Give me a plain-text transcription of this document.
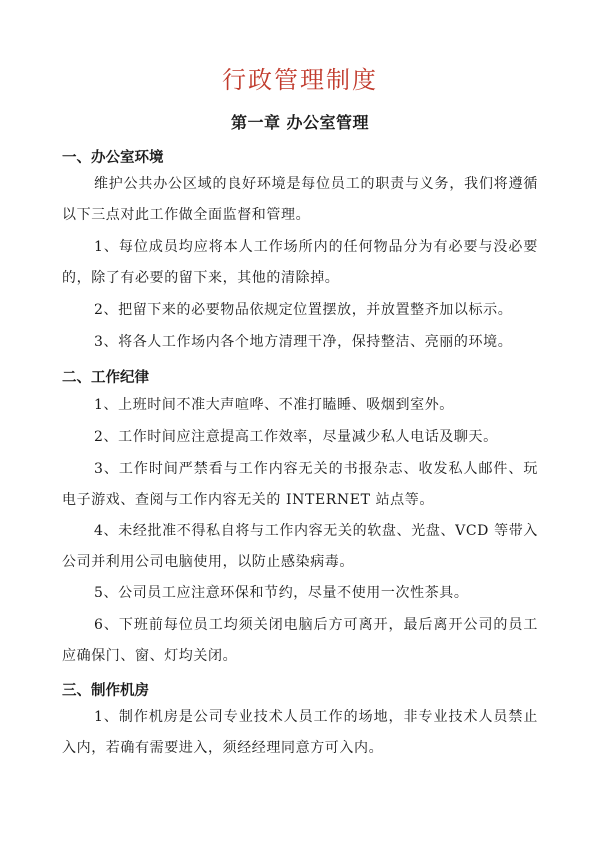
行政管理制度
第一章 办公室管理
一、办公室环境
维护公共办公区域的良好环境是每位员工的职责与义务，我们将遵循以下三点对此工作做全面监督和管理。
1、每位成员均应将本人工作场所内的任何物品分为有必要与没必要的，除了有必要的留下来，其他的清除掉。
2、把留下来的必要物品依规定位置摆放，并放置整齐加以标示。
3、将各人工作场内各个地方清理干净，保持整洁、亮丽的环境。
二、工作纪律
1、上班时间不准大声喧哗、不准打瞌睡、吸烟到室外。
2、工作时间应注意提高工作效率，尽量减少私人电话及聊天。
3、工作时间严禁看与工作内容无关的书报杂志、收发私人邮件、玩电子游戏、查阅与工作内容无关的 INTERNET 站点等。
4、未经批准不得私自将与工作内容无关的软盘、光盘、VCD 等带入公司并利用公司电脑使用，以防止感染病毒。
5、公司员工应注意环保和节约，尽量不使用一次性茶具。
6、下班前每位员工均须关闭电脑后方可离开，最后离开公司的员工应确保门、窗、灯均关闭。
三、制作机房
1、制作机房是公司专业技术人员工作的场地，非专业技术人员禁止入内，若确有需要进入，须经经理同意方可入内。
